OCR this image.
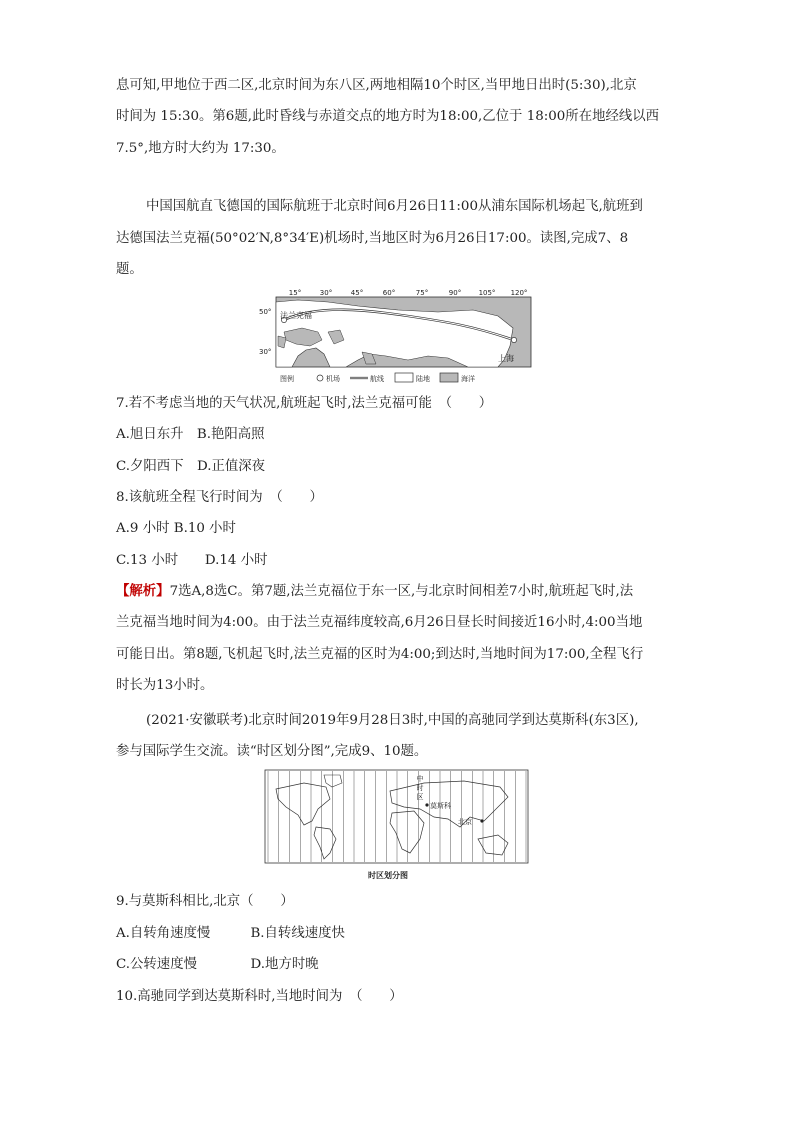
息可知,甲地位于西二区,北京时间为东八区,两地相隔10个时区,当甲地日出时(5:30),北京
时间为 15:30。第6题,此时昏线与赤道交点的地方时为18:00,乙位于 18:00所在地经线以西
7.5°,地方时大约为 17:30。
中国国航直飞德国的国际航班于北京时间6月26日11:00从浦东国际机场起飞,航班到
达德国法兰克福(50°02′N,8°34′E)机场时,当地区时为6月26日17:00。读图,完成7、8
题。
15°	30°	45°	60°	75°	90° 105° 120°
50°
30°
法兰克福
上海
图例	机场	航线	陆地	海洋
7.若不考虑当地的天气状况,航班起飞时,法兰克福可能　（　　）
A.旭日东升　B.艳阳高照
C.夕阳西下　D.正值深夜
8.该航班全程飞行时间为　（　　）
A.9 小时 B.10 小时
C.13 小时　　D.14 小时
【解析】7选A,8选C。第7题,法兰克福位于东一区,与北京时间相差7小时,航班起飞时,法
兰克福当地时间为4:00。由于法兰克福纬度较高,6月26日昼长时间接近16小时,4:00当地
可能日出。第8题,飞机起飞时,法兰克福的区时为4:00;到达时,当地时间为17:00,全程飞行
时长为13小时。
(2021·安徽联考)北京时间2019年9月28日3时,中国的高驰同学到达莫斯科(东3区),
参与国际学生交流。读“时区划分图”,完成9、10题。
中
时
区
莫斯科
北京
时区划分图
9.与莫斯科相比,北京（　　）
A.自转角速度慢　　　B.自转线速度快
C.公转速度慢　　　　D.地方时晚
10.高驰同学到达莫斯科时,当地时间为　（　　）
